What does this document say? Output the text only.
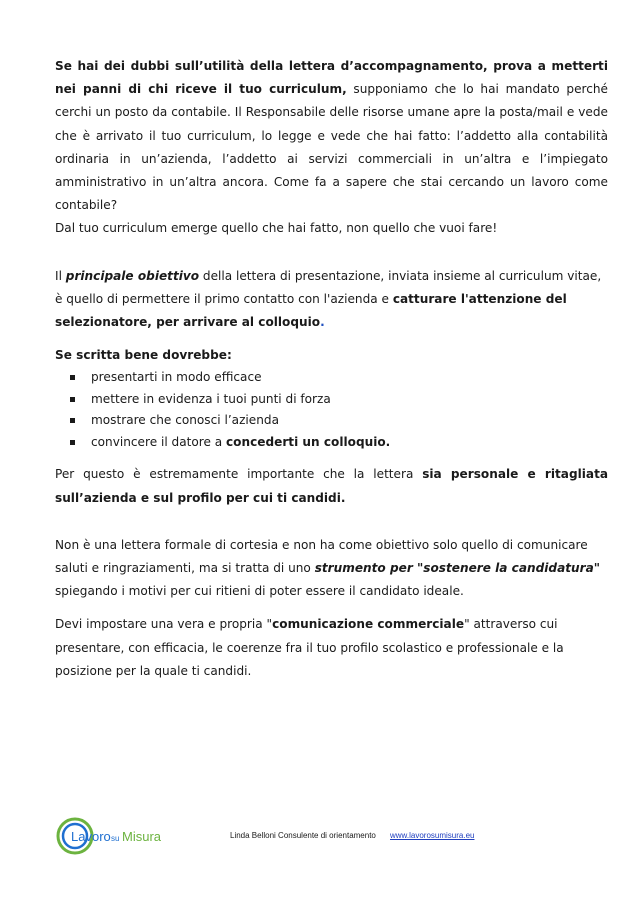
Se hai dei dubbi sull’utilità della lettera d’accompagnamento, prova a metterti nei panni di chi riceve il tuo curriculum, supponiamo che lo hai mandato perché cerchi un posto da contabile. Il Responsabile delle risorse umane apre la posta/mail e vede che è arrivato il tuo curriculum, lo legge e vede che hai fatto: l’addetto alla contabilità ordinaria in un’azienda, l’addetto ai servizi commerciali in un’altra e l’impiegato amministrativo in un’altra ancora. Come fa a sapere che stai cercando un lavoro come contabile?
Dal tuo curriculum emerge quello che hai fatto, non quello che vuoi fare!

Il principale obiettivo della lettera di presentazione, inviata insieme al curriculum vitae, è quello di permettere il primo contatto con l'azienda e catturare l'attenzione del selezionatore, per arrivare al colloquio.

Se scritta bene dovrebbe:

presentarti in modo efficace
mettere in evidenza i tuoi punti di forza
mostrare che conosci l’azienda
convincere il datore a concederti un colloquio.

Per questo è estremamente importante che la lettera sia personale e ritagliata sull’azienda e sul profilo per cui ti candidi.

Non è una lettera formale di cortesia e non ha come obiettivo solo quello di comunicare saluti e ringraziamenti, ma si tratta di uno strumento per "sostenere la candidatura" spiegando i motivi per cui ritieni di poter essere il candidato ideale.

Devi impostare una vera e propria "comunicazione commerciale" attraverso cui presentare, con efficacia, le coerenze fra il tuo profilo scolastico e professionale e la posizione per la quale ti candidi.

Lavoro su Misura	Linda Belloni Consulente di orientamento www.lavorosumisura.eu
